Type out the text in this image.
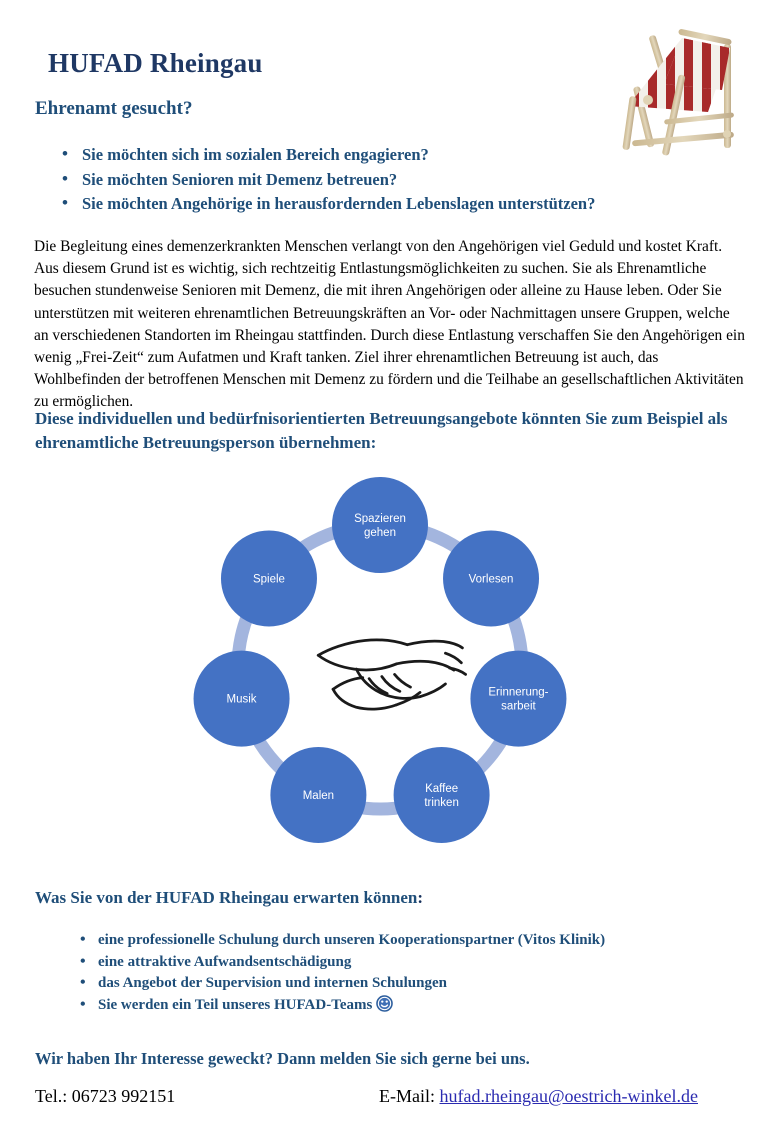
HUFAD Rheingau
Ehrenamt gesucht?
• Sie möchten sich im sozialen Bereich engagieren?
• Sie möchten Senioren mit Demenz betreuen?
• Sie möchten Angehörige in herausfordernden Lebenslagen unterstützen?
Die Begleitung eines demenzerkrankten Menschen verlangt von den Angehörigen viel Geduld und kostet Kraft. Aus diesem Grund ist es wichtig, sich rechtzeitig Entlastungsmöglichkeiten zu suchen. Sie als Ehrenamtliche besuchen stundenweise Senioren mit Demenz, die mit ihren Angehörigen oder alleine zu Hause leben. Oder Sie unterstützen mit weiteren ehrenamtlichen Betreuungskräften an Vor- oder Nachmittagen unsere Gruppen, welche an verschiedenen Standorten im Rheingau stattfinden. Durch diese Entlastung verschaffen Sie den Angehörigen ein wenig „Frei-Zeit“ zum Aufatmen und Kraft tanken. Ziel ihrer ehrenamtlichen Betreuung ist auch, das Wohlbefinden der betroffenen Menschen mit Demenz zu fördern und die Teilhabe an gesellschaftlichen Aktivitäten zu ermöglichen.
Diese individuellen und bedürfnisorientierten Betreuungsangebote könnten Sie zum Beispiel als ehrenamtliche Betreuungsperson übernehmen:
Spazieren
gehen
Vorlesen
Erinnerung-
sarbeit
Kaffee
trinken
Malen
Musik
Spiele
Was Sie von der HUFAD Rheingau erwarten können:
• eine professionelle Schulung durch unseren Kooperationspartner (Vitos Klinik)
• eine attraktive Aufwandsentschädigung
• das Angebot der Supervision und internen Schulungen
• Sie werden ein Teil unseres HUFAD-Teams
Wir haben Ihr Interesse geweckt? Dann melden Sie sich gerne bei uns.
Tel.: 06723 992151	E-Mail: hufad.rheingau@oestrich-winkel.de
